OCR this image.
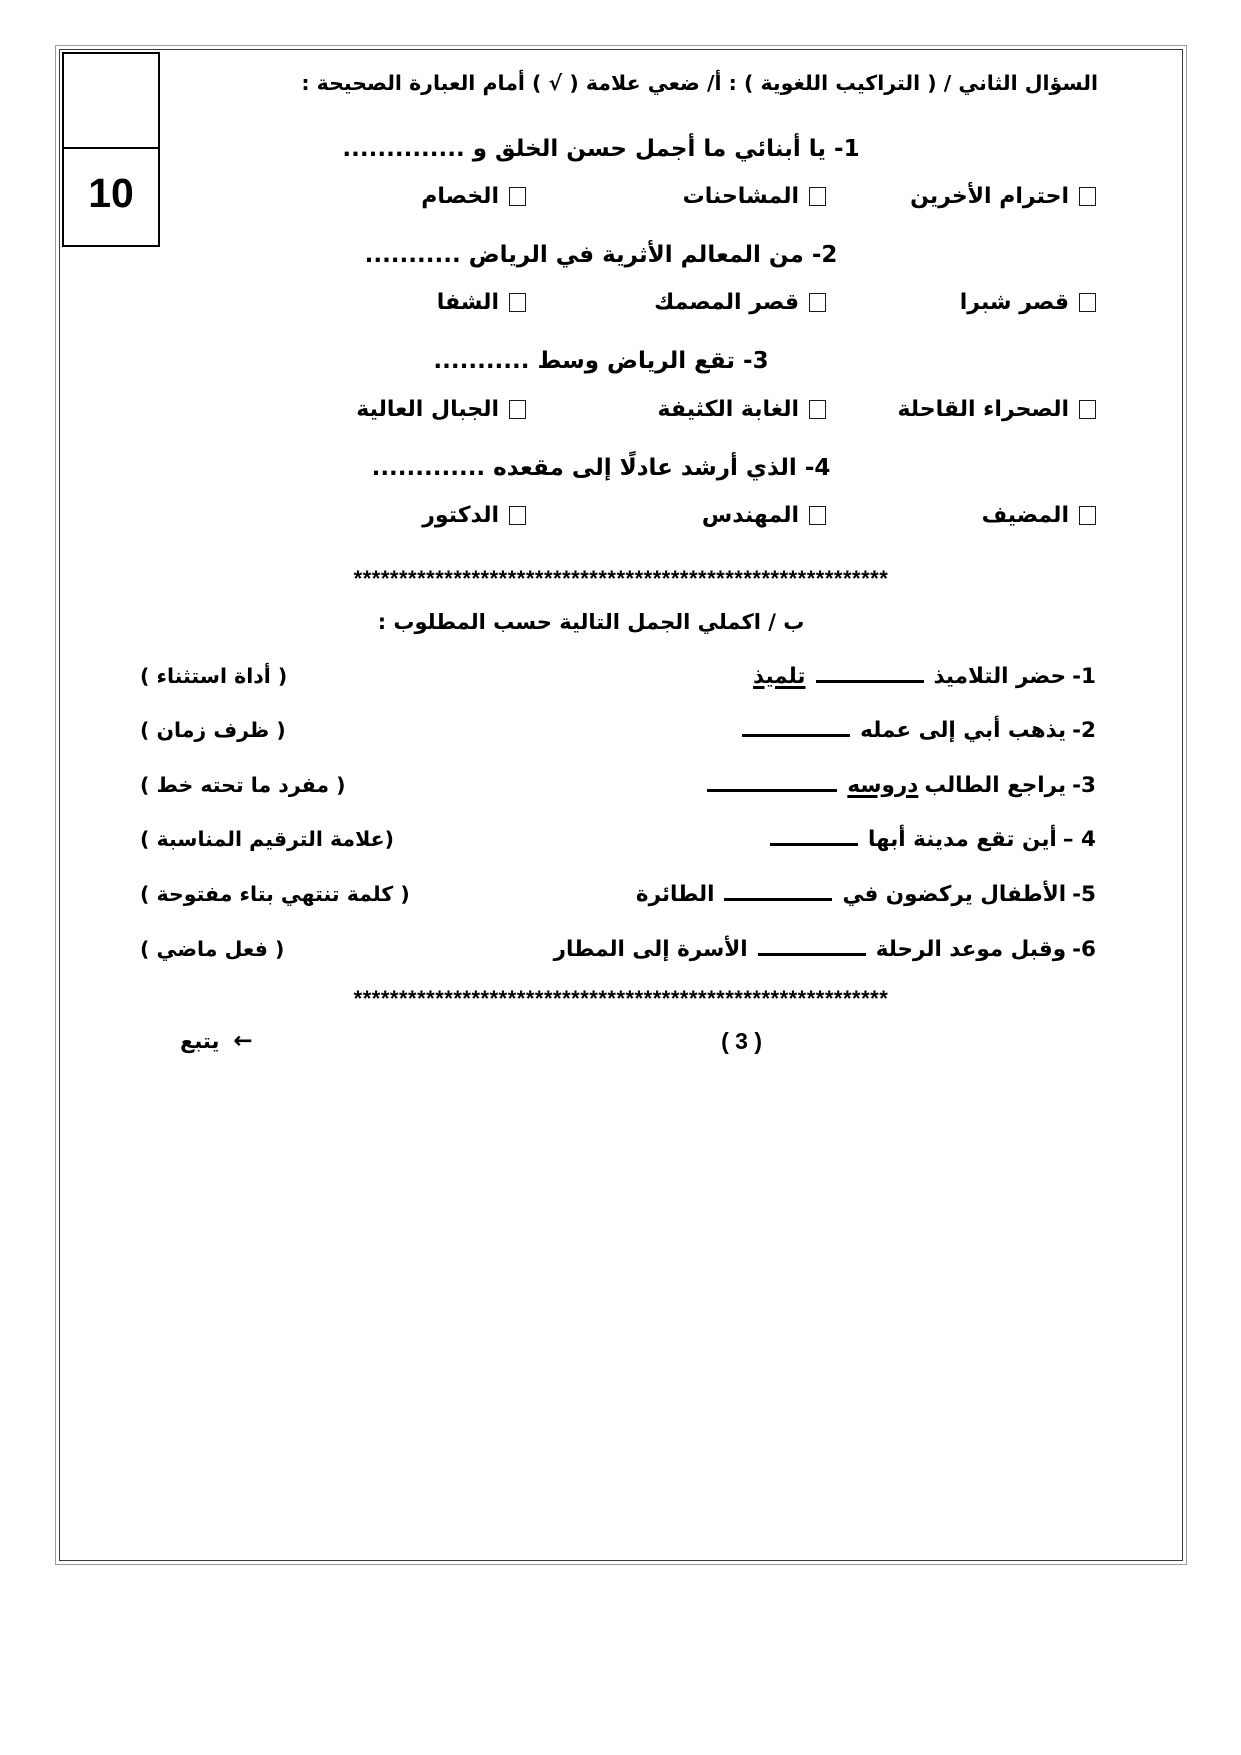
10
السؤال الثاني / ( التراكيب اللغوية ) : أ/ ضعي علامة ( √ ) أمام العبارة الصحيحة :
1- يا أبنائي ما أجمل حسن الخلق و ..............
احترام الأخرين
المشاحنات
الخصام
2- من المعالم الأثرية في الرياض ...........
قصر شبرا
قصر المصمك
الشفا
3- تقع الرياض وسط ...........
الصحراء القاحلة
الغابة الكثيفة
الجبال العالية
4- الذي أرشد عادلًا إلى مقعده .............
المضيف
المهندس
الدكتور
***********************************************************
ب / اكملي الجمل التالية حسب المطلوب :
1-
حضر التلاميذ
تلميذ
( أداة استثناء )
2-
يذهب أبي إلى عمله
( ظرف زمان )
3-
يراجع الطالب
دروسه
( مفرد ما تحته خط )
4 –
أين تقع مدينة أبها
(علامة الترقيم المناسبة )
5-
الأطفال يركضون في
الطائرة
( كلمة تنتهي بتاء مفتوحة )
6-
وقبل موعد الرحلة
الأسرة إلى المطار
( فعل ماضي )
***********************************************************
( 3 )
←
يتبع
